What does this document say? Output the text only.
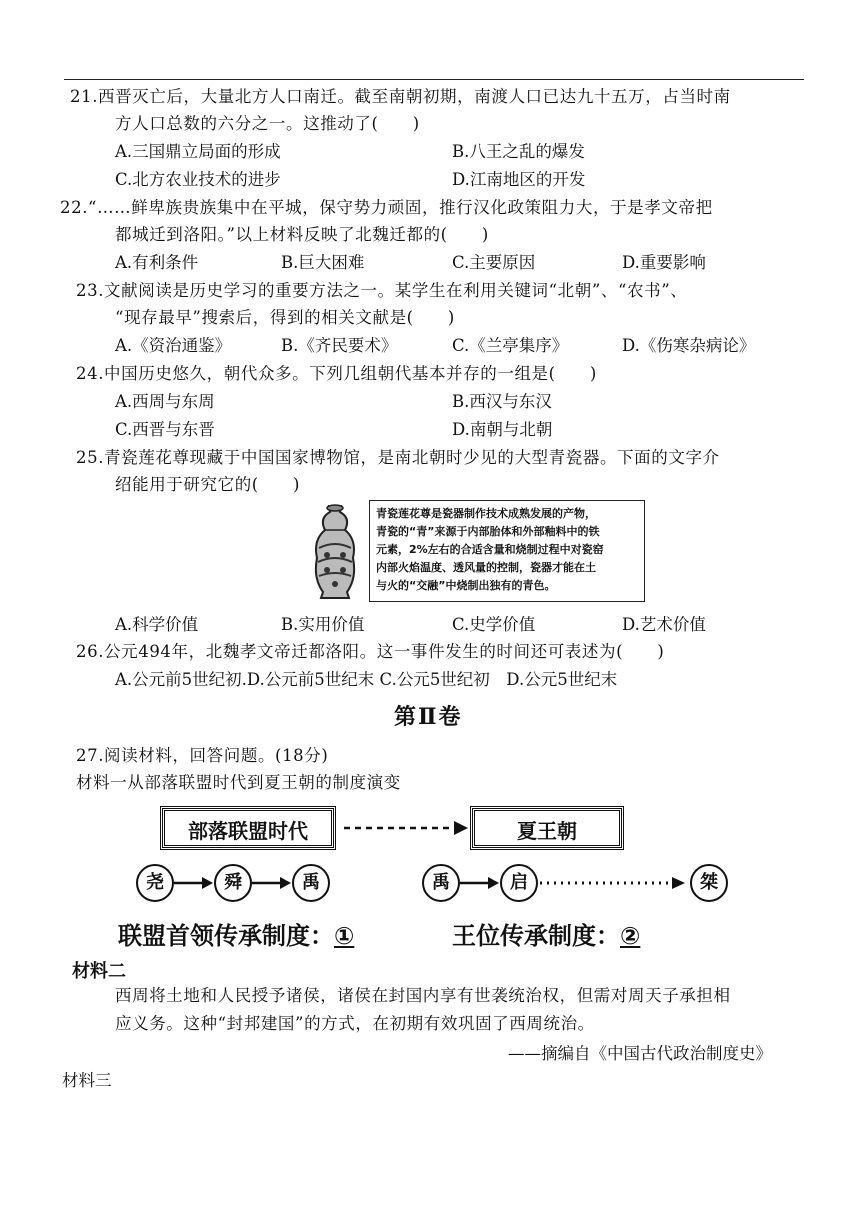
21.西晋灭亡后，大量北方人口南迁。截至南朝初期，南渡人口已达九十五万，占当时南
方人口总数的六分之一。这推动了(　　)
A.三国鼎立局面的形成	B.八王之乱的爆发
C.北方农业技术的进步	D.江南地区的开发
22.“……鲜卑族贵族集中在平城，保守势力顽固，推行汉化政策阻力大，于是孝文帝把
都城迁到洛阳。”以上材料反映了北魏迁都的(　　)
A.有利条件	B.巨大困难	C.主要原因	D.重要影响
23.文献阅读是历史学习的重要方法之一。某学生在利用关键词“北朝”、“农书”、
“现存最早”搜索后，得到的相关文献是(　　)
A.《资治通鉴》	B.《齐民要术》	C.《兰亭集序》	D.《伤寒杂病论》
24.中国历史悠久，朝代众多。下列几组朝代基本并存的一组是(　　)
A.西周与东周	B.西汉与东汉
C.西晋与东晋	D.南朝与北朝
25.青瓷莲花尊现藏于中国国家博物馆，是南北朝时少见的大型青瓷器。下面的文字介
绍能用于研究它的(　　)
青瓷莲花尊是瓷器制作技术成熟发展的产物，
青瓷的“青”来源于内部胎体和外部釉料中的铁
元素，2%左右的合适含量和烧制过程中对瓷窑
内部火焰温度、透风量的控制，瓷器才能在土
与火的“交融”中烧制出独有的青色。
A.科学价值	B.实用价值	C.史学价值	D.艺术价值
26.公元494年，北魏孝文帝迁都洛阳。这一事件发生的时间还可表述为(　　)
A.公元前5世纪初.D.公元前5世纪末 C.公元5世纪初　D.公元5世纪末
第Ⅱ卷
27.阅读材料，回答问题。(18分)
材料一从部落联盟时代到夏王朝的制度演变
部落联盟时代	夏王朝
尧	舜	禹	禹	启	桀
联盟首领传承制度：①	王位传承制度：②
材料二
西周将土地和人民授予诸侯，诸侯在封国内享有世袭统治权，但需对周天子承担相
应义务。这种“封邦建国”的方式，在初期有效巩固了西周统治。
——摘编自《中国古代政治制度史》
材料三
